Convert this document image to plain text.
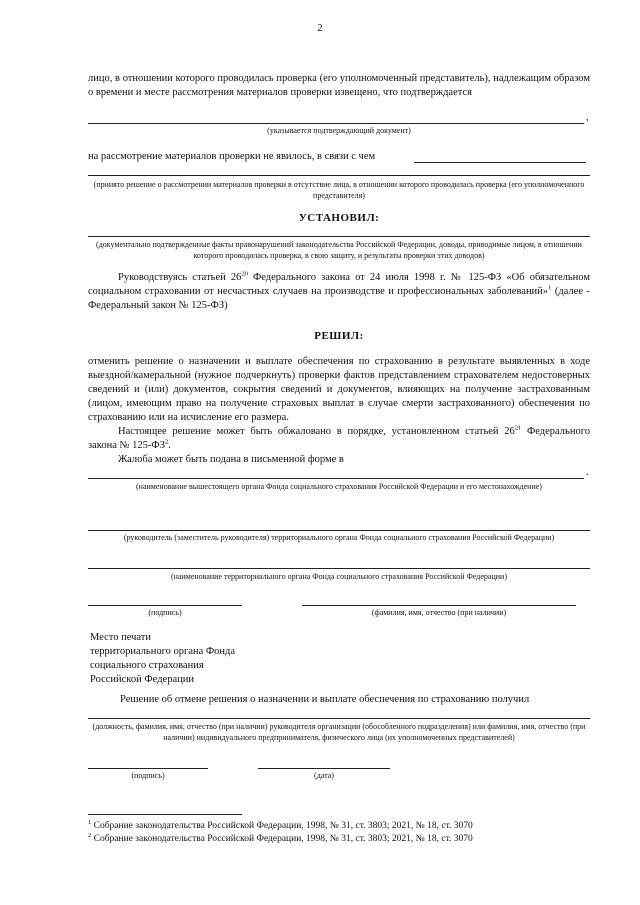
2
лицо, в отношении которого проводилась проверка (его уполномоченный представитель), надлежащим образом о времени и месте рассмотрения материалов проверки извещено, что подтверждается
,
(указывается подтверждающий документ)
на рассмотрение материалов проверки не явилось, в связи с чем
(принято решение о рассмотрении материалов проверки в отсутствие лица, в отношении которого проводилась проверка (его уполномоченного представителя)
УСТАНОВИЛ:
(документально подтвержденные факты правонарушений законодательства Российской Федерации, доводы, приводимые лицом, в отношении которого проводилась проверка, в свою защиту, и результаты проверки этих доводов)
Руководствуясь статьей $26^{20}$ Федерального закона от 24 июля 1998 г. № 125-ФЗ «Об обязательном социальном страховании от несчастных случаев на производстве и профессиональных заболеваний»$^1$ (далее - Федеральный закон № 125-ФЗ)
РЕШИЛ:
отменить решение о назначении и выплате обеспечения по страхованию в результате выявленных в ходе выездной/камеральной (нужное подчеркнуть) проверки фактов представлением страхователем недостоверных сведений и (или) документов, сокрытия сведений и документов, влияющих на получение застрахованным (лицом, имеющим право на получение страховых выплат в случае смерти застрахованного) обеспечения по страхованию или на исчисление его размера.
Настоящее решение может быть обжаловано в порядке, установленном статьей $26^{21}$ Федерального закона № $125-ФЗ^2$.
Жалоба может быть подана в письменной форме в
.
(наименование вышестоящего органа Фонда социального страхования Российской Федерации и его местонахождение)
(руководитель (заместитель руководителя) территориального органа Фонда социального страхования Российской Федерации)
(наименование территориального органа Фонда социального страхования Российской Федерации)
(подпись)	(фамилия, имя, отчество (при наличии)
Место печати
территориального органа Фонда
социального страхования
Российской Федерации
Решение об отмене решения о назначении и выплате обеспечения по страхованию получил
(должность, фамилия, имя, отчество (при наличии) руководителя организации (обособленного подразделения) или фамилия, имя, отчество (при наличии) индивидуального предпринимателя, физического лица (их уполномоченных представителей)
(подпись)	(дата)
$^1$ Собрание законодательства Российской Федерации, 1998, № 31, ст. 3803; 2021, № 18, ст. 3070
$^2$ Собрание законодательства Российской Федерации, 1998, № 31, ст. 3803; 2021, № 18, ст. 3070
